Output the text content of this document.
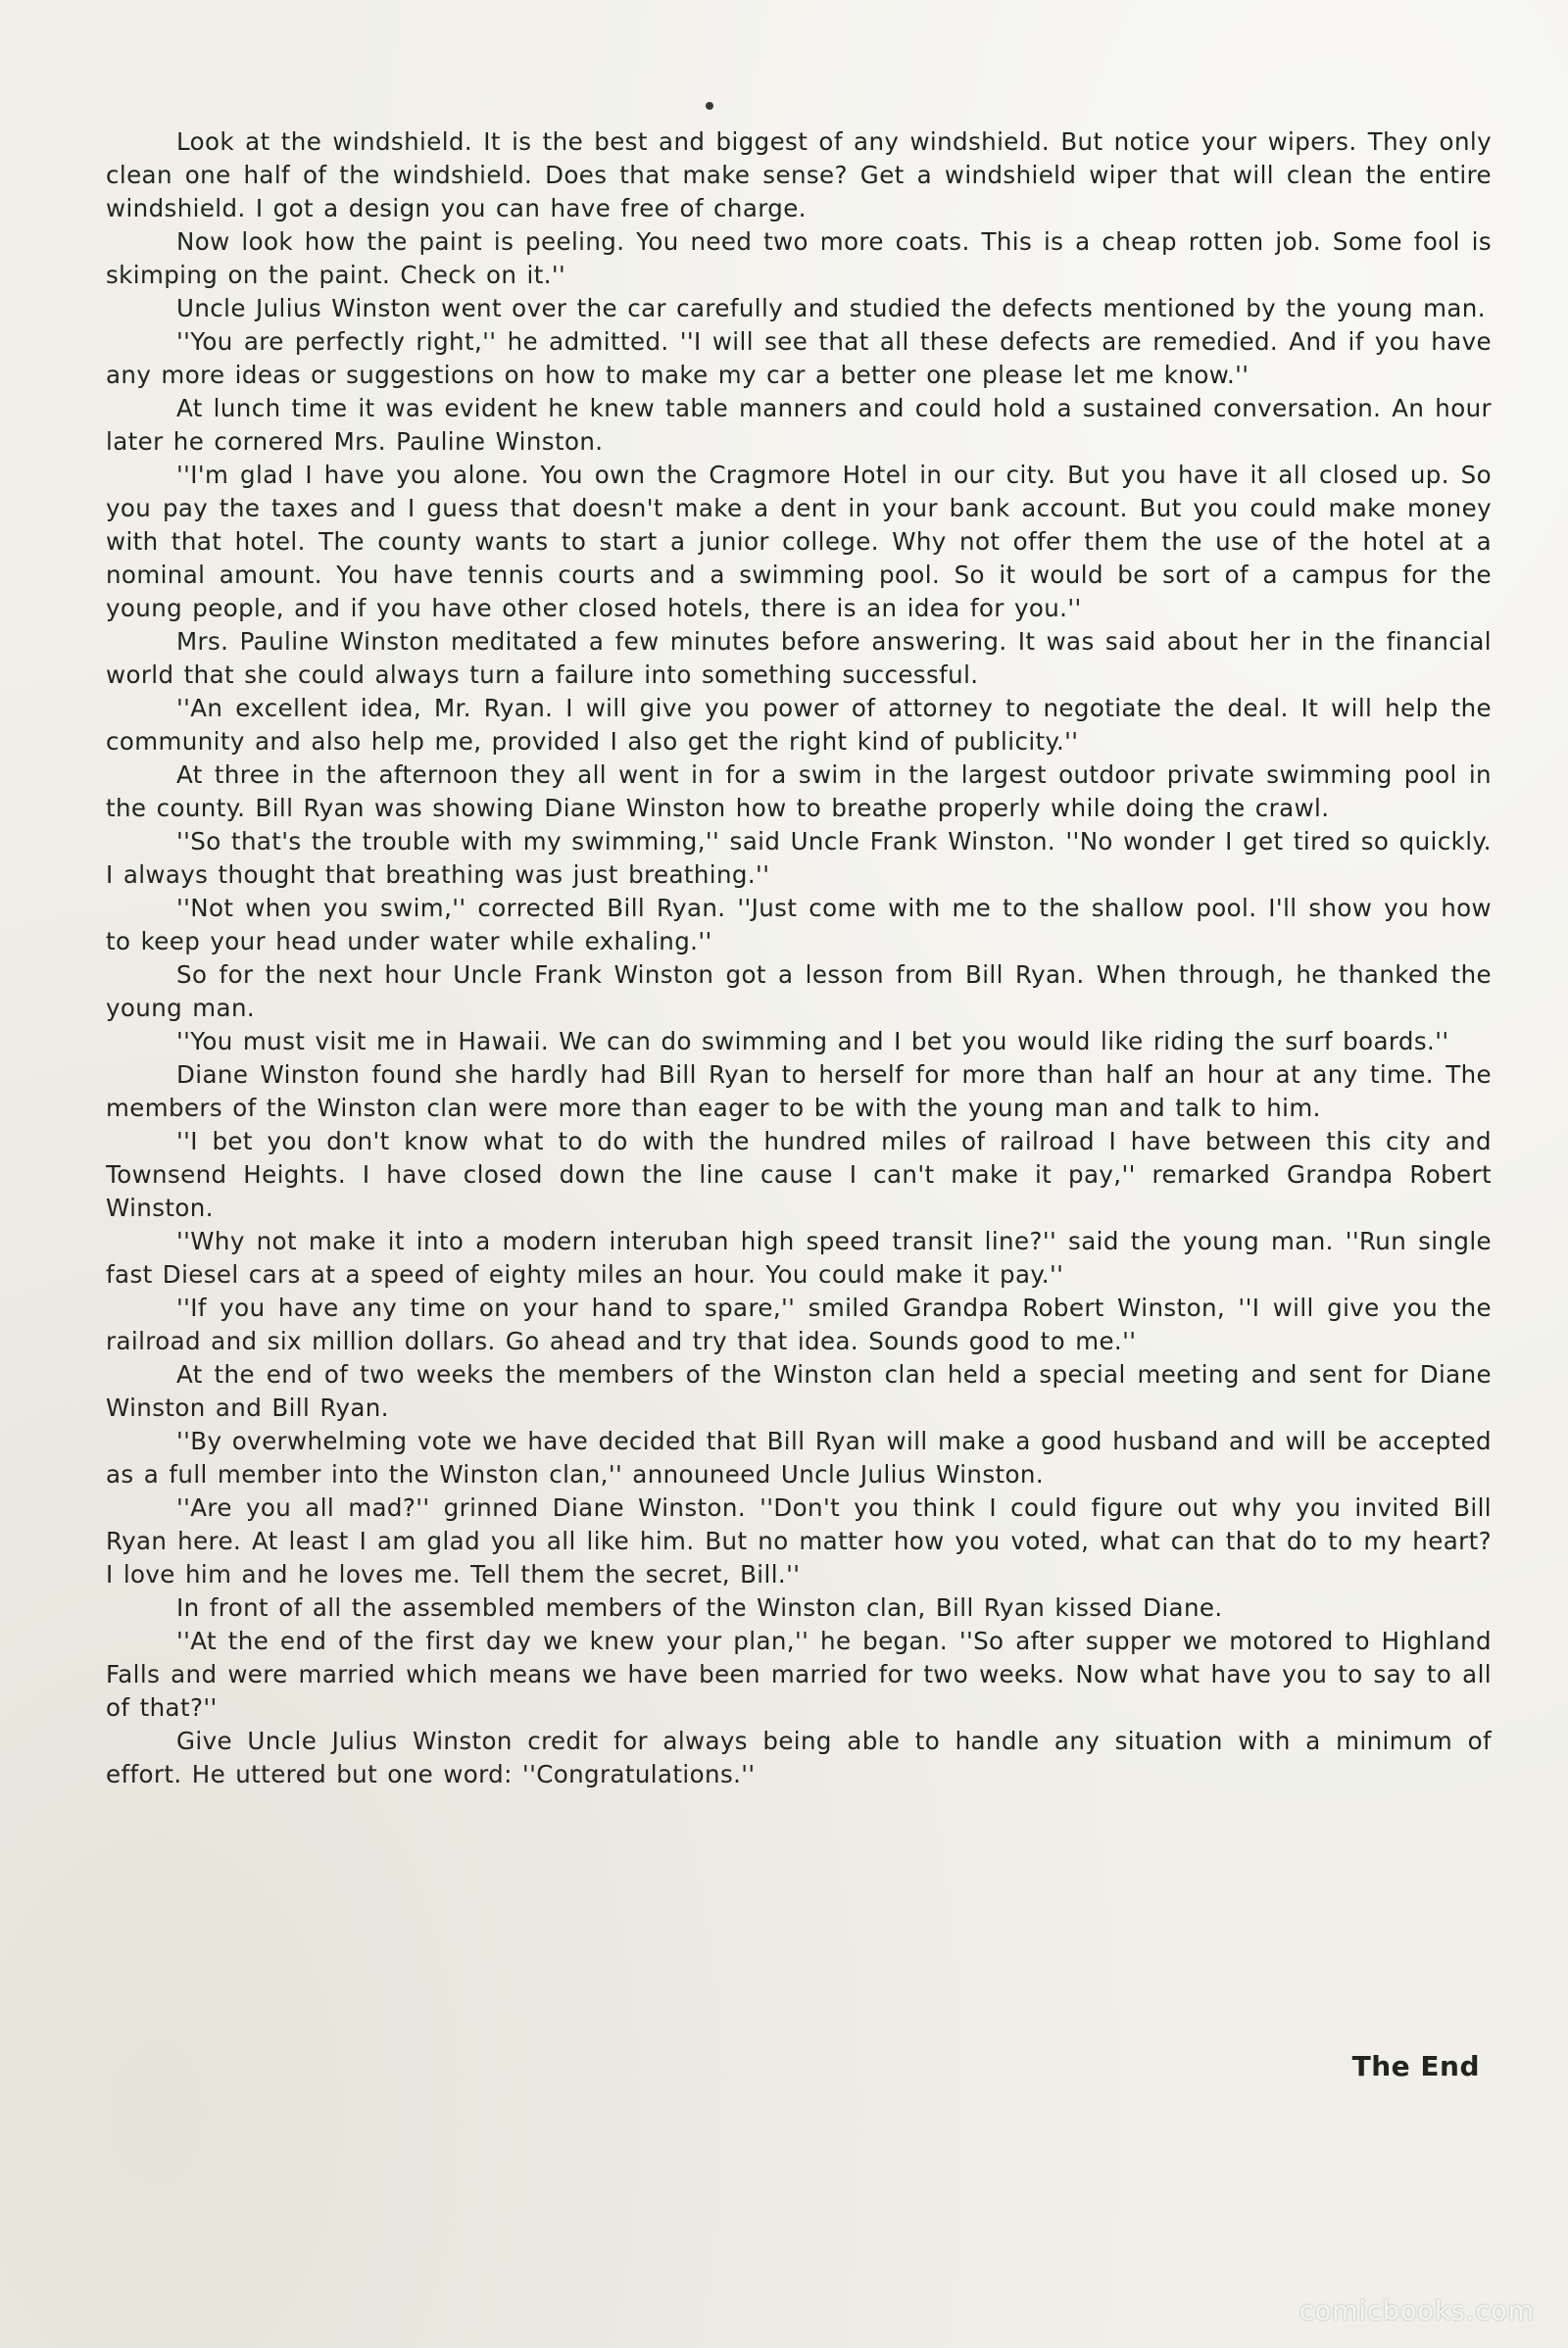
Look at the windshield. It is the best and biggest of any windshield. But notice your wipers. They only clean one half of the windshield. Does that make sense? Get a windshield wiper that will clean the entire windshield. I got a design you can have free of charge.

Now look how the paint is peeling. You need two more coats. This is a cheap rotten job. Some fool is skimping on the paint. Check on it.''

Uncle Julius Winston went over the car carefully and studied the defects mentioned by the young man.

''You are perfectly right,'' he admitted. ''I will see that all these defects are remedied. And if you have any more ideas or suggestions on how to make my car a better one please let me know.''

At lunch time it was evident he knew table manners and could hold a sustained conversation. An hour later he cornered Mrs. Pauline Winston.

''I'm glad I have you alone. You own the Cragmore Hotel in our city. But you have it all closed up. So you pay the taxes and I guess that doesn't make a dent in your bank account. But you could make money with that hotel. The county wants to start a junior college. Why not offer them the use of the hotel at a nominal amount. You have tennis courts and a swimming pool. So it would be sort of a campus for the young people, and if you have other closed hotels, there is an idea for you.''

Mrs. Pauline Winston meditated a few minutes before answering. It was said about her in the financial world that she could always turn a failure into something successful.

''An excellent idea, Mr. Ryan. I will give you power of attorney to negotiate the deal. It will help the community and also help me, provided I also get the right kind of publicity.''

At three in the afternoon they all went in for a swim in the largest outdoor private swimming pool in the county. Bill Ryan was showing Diane Winston how to breathe properly while doing the crawl.

''So that's the trouble with my swimming,'' said Uncle Frank Winston. ''No wonder I get tired so quickly. I always thought that breathing was just breathing.''

''Not when you swim,'' corrected Bill Ryan. ''Just come with me to the shallow pool. I'll show you how to keep your head under water while exhaling.''

So for the next hour Uncle Frank Winston got a lesson from Bill Ryan. When through, he thanked the young man.

''You must visit me in Hawaii. We can do swimming and I bet you would like riding the surf boards.''

Diane Winston found she hardly had Bill Ryan to herself for more than half an hour at any time. The members of the Winston clan were more than eager to be with the young man and talk to him.

''I bet you don't know what to do with the hundred miles of railroad I have between this city and Townsend Heights. I have closed down the line cause I can't make it pay,'' remarked Grandpa Robert Winston.

''Why not make it into a modern interuban high speed transit line?'' said the young man. ''Run single fast Diesel cars at a speed of eighty miles an hour. You could make it pay.''

''If you have any time on your hand to spare,'' smiled Grandpa Robert Winston, ''I will give you the railroad and six million dollars. Go ahead and try that idea. Sounds good to me.''

At the end of two weeks the members of the Winston clan held a special meeting and sent for Diane Winston and Bill Ryan.

''By overwhelming vote we have decided that Bill Ryan will make a good husband and will be accepted as a full member into the Winston clan,'' announeed Uncle Julius Winston.

''Are you all mad?'' grinned Diane Winston. ''Don't you think I could figure out why you invited Bill Ryan here. At least I am glad you all like him. But no matter how you voted, what can that do to my heart? I love him and he loves me. Tell them the secret, Bill.''

In front of all the assembled members of the Winston clan, Bill Ryan kissed Diane.

''At the end of the first day we knew your plan,'' he began. ''So after supper we motored to Highland Falls and were married which means we have been married for two weeks. Now what have you to say to all of that?''

Give Uncle Julius Winston credit for always being able to handle any situation with a minimum of effort. He uttered but one word: ''Congratulations.''

The End
comicbooks.com
